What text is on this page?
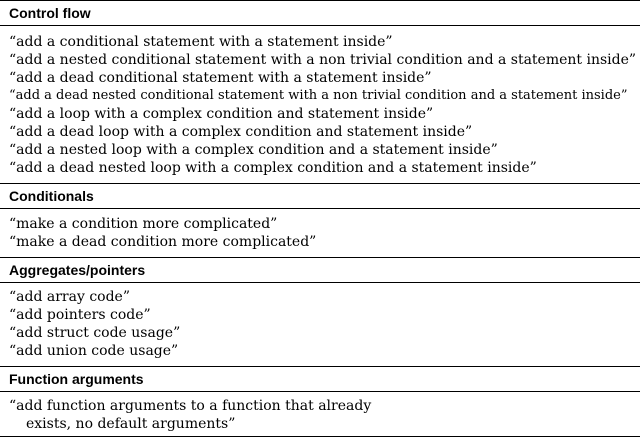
Control flow
“add a conditional statement with a statement inside”
“add a nested conditional statement with a non trivial condition and a statement inside”
“add a dead conditional statement with a statement inside”
“add a dead nested conditional statement with a non trivial condition and a statement inside”
“add a loop with a complex condition and statement inside”
“add a dead loop with a complex condition and statement inside”
“add a nested loop with a complex condition and a statement inside”
“add a dead nested loop with a complex condition and a statement inside”
Conditionals
“make a condition more complicated”
“make a dead condition more complicated”
Aggregates/pointers
“add array code”
“add pointers code”
“add struct code usage”
“add union code usage”
Function arguments
“add function arguments to a function that already
exists, no default arguments”
